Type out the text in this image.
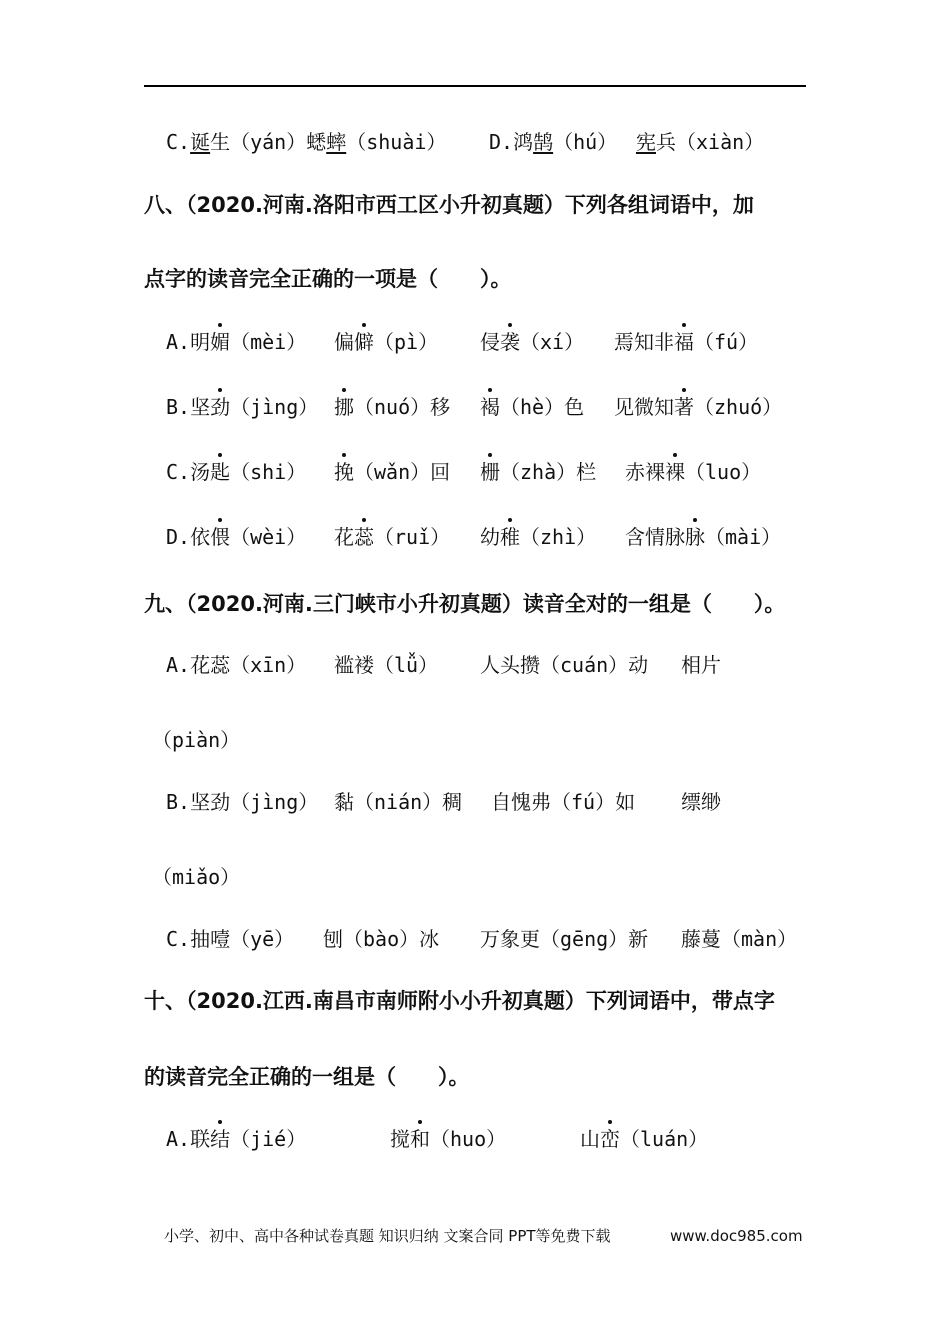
C.诞生（yán）蟋蟀（shuài） D.鸿鹄（hú） 宪兵（xiàn）
八、（2020.河南.洛阳市西工区小升初真题）下列各组词语中，加
点字的读音完全正确的一项是（　　）。
A.明媚（mèi） 偏僻（pì） 侵袭（xí） 焉知非福（fú）
B.坚劲（jìng） 挪（nuó）移 褐（hè）色 见微知著（zhuó）
C.汤匙（shi） 挽（wǎn）回 栅（zhà）栏 赤裸裸（luo）
D.依偎（wèi） 花蕊（ruǐ） 幼稚（zhì） 含情脉脉（mài）
九、（2020.河南.三门峡市小升初真题）读音全对的一组是（　　）。
A.花蕊（xīn） 褴褛（lǚ） 人头攒（cuán）动 相片
（piàn）
B.坚劲（jìng） 黏（nián）稠 自愧弗（fú）如 缥缈
（miǎo）
C.抽噎（yē） 刨（bào）冰 万象更（gēng）新 藤蔓（màn）
十、（2020.江西.南昌市南师附小小升初真题）下列词语中，带点字
的读音完全正确的一组是（　　）。
A.联结（jié）	搅和（huo）	山峦（luán）
小学、初中、高中各种试卷真题 知识归纳 文案合同 PPT等免费下载	www.doc985.com
